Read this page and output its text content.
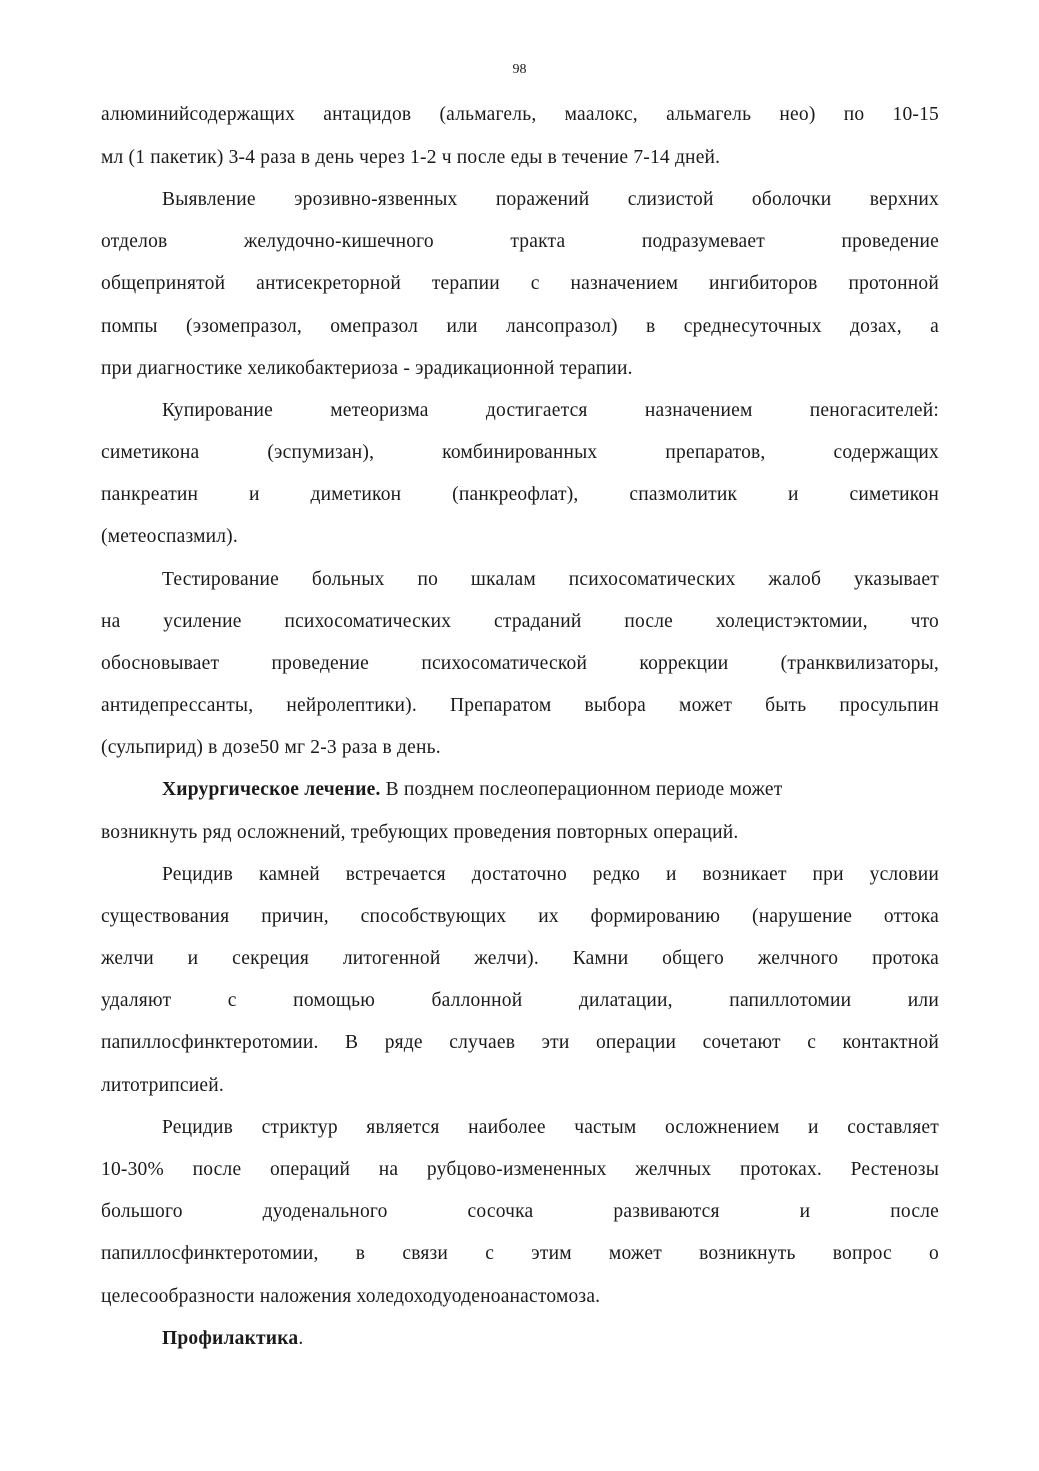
98
алюминийсодержащих антацидов (альмагель, маалокс, альмагель нео) по 10-15
мл (1 пакетик) 3-4 раза в день через 1-2 ч после еды в течение 7-14 дней.
Выявление эрозивно-язвенных поражений слизистой оболочки верхних
отделов желудочно-кишечного тракта подразумевает проведение
общепринятой антисекреторной терапии с назначением ингибиторов протонной
помпы (эзомепразол, омепразол или лансопразол) в среднесуточных дозах, а
при диагностике хеликобактериоза - эрадикационной терапии.
Купирование метеоризма достигается назначением пеногасителей:
симетикона (эспумизан), комбинированных препаратов, содержащих
панкреатин и диметикон (панкреофлат), спазмолитик и симетикон
(метеоспазмил).
Тестирование больных по шкалам психосоматических жалоб указывает
на усиление психосоматических страданий после холецистэктомии, что
обосновывает проведение психосоматической коррекции (транквилизаторы,
антидепрессанты, нейролептики). Препаратом выбора может быть просульпин
(сульпирид) в дозе50 мг 2-3 раза в день.
Хирургическое лечение. В позднем послеоперационном периоде может
возникнуть ряд осложнений, требующих проведения повторных операций.
Рецидив камней встречается достаточно редко и возникает при условии
существования причин, способствующих их формированию (нарушение оттока
желчи и секреция литогенной желчи). Камни общего желчного протока
удаляют с помощью баллонной дилатации, папиллотомии или
папиллосфинктеротомии. В ряде случаев эти операции сочетают с контактной
литотрипсией.
Рецидив стриктур является наиболее частым осложнением и составляет
10-30% после операций на рубцово-измененных желчных протоках. Рестенозы
большого дуоденального сосочка развиваются и после
папиллосфинктеротомии, в связи с этим может возникнуть вопрос о
целесообразности наложения холедоходуоденоанастомоза.
Профилактика.
